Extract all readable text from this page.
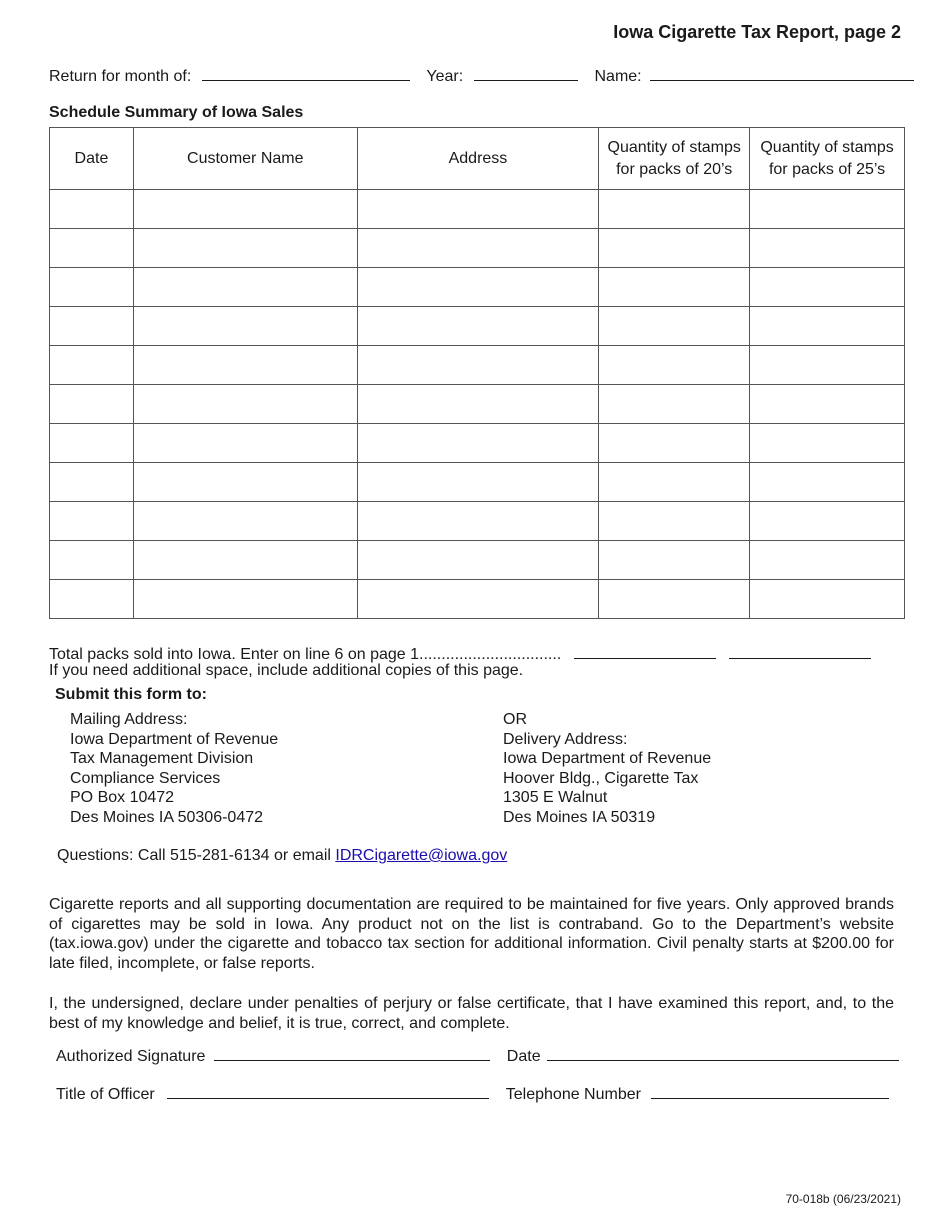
Iowa Cigarette Tax Report, page 2
Return for month of:	Year:	Name:
Schedule Summary of Iowa Sales
Date	Customer Name	Address	Quantity of stamps for packs of 20’s	Quantity of stamps for packs of 25’s

Total packs sold into Iowa. Enter on line 6 on page 1................................
If you need additional space, include additional copies of this page.
Submit this form to:
Mailing Address:
Iowa Department of Revenue
Tax Management Division
Compliance Services
PO Box 10472
Des Moines IA 50306-0472
OR
Delivery Address:
Iowa Department of Revenue
Hoover Bldg., Cigarette Tax
1305 E Walnut
Des Moines IA 50319
Questions: Call 515-281-6134 or email IDRCigarette@iowa.gov
Cigarette reports and all supporting documentation are required to be maintained for five years. Only approved brands of cigarettes may be sold in Iowa. Any product not on the list is contraband. Go to the Department’s website (tax.iowa.gov) under the cigarette and tobacco tax section for additional information. Civil penalty starts at $200.00 for late filed, incomplete, or false reports.
I, the undersigned, declare under penalties of perjury or false certificate, that I have examined this report, and, to the best of my knowledge and belief, it is true, correct, and complete.
Authorized Signature	Date
Title of Officer	Telephone Number
70-018b (06/23/2021)
